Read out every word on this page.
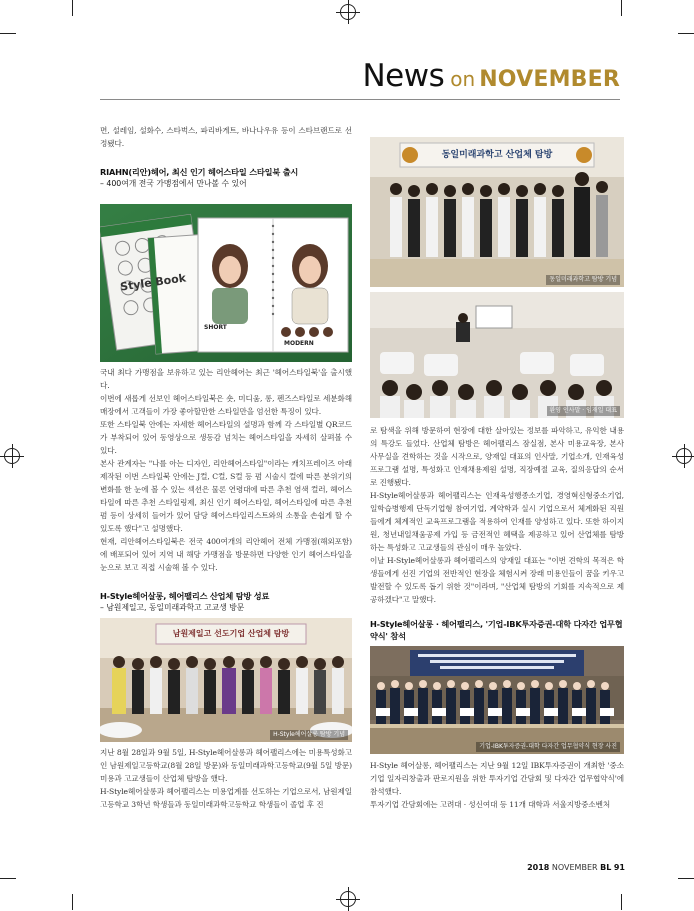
News on NOVEMBER

면, 설레임, 설화수, 스타벅스, 파리바게트, 바나나우유 등이 스타브랜드로 선정됐다.

RIAHN(리안)헤어, 최신 인기 헤어스타일 스타일북 출시

– 400여개 전국 가맹점에서 만나볼 수 있어

Style Book
SHORT
MODERN

국내 최다 가맹점을 보유하고 있는 리안헤어는 최근 '헤어스타일북'을 출시했다.

이번에 새롭게 선보인 헤어스타일북은 숏, 미디움, 롱, 펜즈스타일로 세분화해 매장에서 고객들이 가장 좋아할만한 스타일만을 엄선한 특징이 있다.

또한 스타일북 안에는 자세한 헤어스타일의 설명과 함께 각 스타일별 QR코드가 부착되어 있어 동영상으로 생동감 넘치는 헤어스타일을 자세히 살펴볼 수 있다.

본사 관계자는 "나를 아는 디자인, 리안헤어스타일"이라는 캐치프레이즈 아래 제작된 이번 스타일북 안에는 J컬, C컬, S컬 등 펌 시술시 컬에 따른 분위기의 변화를 한 눈에 볼 수 있는 섹션은 물론 연령대에 따른 추천 염색 컬러, 헤어스타일에 따른 추천 스타일링제, 최신 인기 헤어스타일, 헤어스타일에 따른 추천 펌 등이 상세히 들어가 있어 담당 헤어스타일리스트와의 소통을 손쉽게 할 수 있도록 했다"고 설명했다.

현재, 리안헤어스타일북은 전국 400여개의 리안헤어 전체 가맹점(해외포함)에 배포되어 있어 지역 내 해당 가맹점을 방문하면 다양한 인기 헤어스타일을 눈으로 보고 직접 시술해 볼 수 있다.

H-Style헤어살롱, 헤어팰리스 산업체 탐방 성료

– 남원제일고, 동일미래과학고 고교생 방문

남원제일고 선도기업 산업체 탐방
H-Style헤어살롱 탐방 기념

지난 8월 28일과 9월 5일, H-Style헤어살롱과 헤어팰리스에는 미용특성화고인 남원제일고등학교(8월 28일 방문)와 동일미래과학고등학교(9월 5일 방문) 미용과 고교생들이 산업체 탐방을 했다.

H-Style헤어살롱과 헤어팰리스는 미용업계를 선도하는 기업으로서, 남원제일고등학교 3학년 학생들과 동일미래과학고등학교 학생들이 졸업 후 진

동일미래과학고 산업체 탐방
동일미래과학고 탐방 기념
환영 인사말 · 임재일 대표

로 탐색을 위해 방문하여 현장에 대한 살아있는 정보를 파악하고, 유익한 내용의 특강도 들었다. 산업체 탐방은 헤어팰리스 잠실점, 본사 미용교육장, 본사 사무실을 견학하는 것을 시작으로, 양재일 대표의 인사말, 기업소개, 인재육성 프로그램 설명, 특성화고 인재채용제원 설명, 직장예절 교육, 질의응답의 순서로 진행됐다.

H-Style헤어살롱과 헤어팰리스는 인재육성행종소기업, 경영혁신형중소기업, 일학습병행제 단독기업형 참여기업, 계약학과 실시 기업으로서 체계화된 직원들에게 체계적인 교육프로그램을 적용하여 인재를 양성하고 있다. 또한 하이지원, 청년내일채움공제 가입 등 금전적인 혜택을 제공하고 있어 산업체를 탐방하는 특성화고 고교생들의 관심이 매우 높았다.

이날 H-Style헤어살롱과 헤어팰리스의 양재일 대표는 "이번 견학의 목적은 학생들에게 선진 기업의 전반적인 현장을 체험시켜 장래 미용인들이 꿈을 키우고 발전할 수 있도록 돕기 위한 것"이라며, "산업체 탐방의 기회를 지속적으로 제공하겠다"고 말했다.

H-Style헤어살롱 · 헤어팰리스, '기업-IBK투자증권-대학 다자간 업무협약식' 참석

기업-IBK투자증권-대학 다자간 업무협약식 현장 사진

H-Style 헤어살롱, 헤어팰리스는 지난 9월 12일 IBK투자증권이 개최한 '중소기업 일자리창출과 판로지원을 위한 투자기업 간담회 및 다자간 업무협약식'에 참석했다.

투자기업 간담회에는 고려대 · 성신여대 등 11개 대학과 서울지방중소벤처

2018 NOVEMBER BL 91
